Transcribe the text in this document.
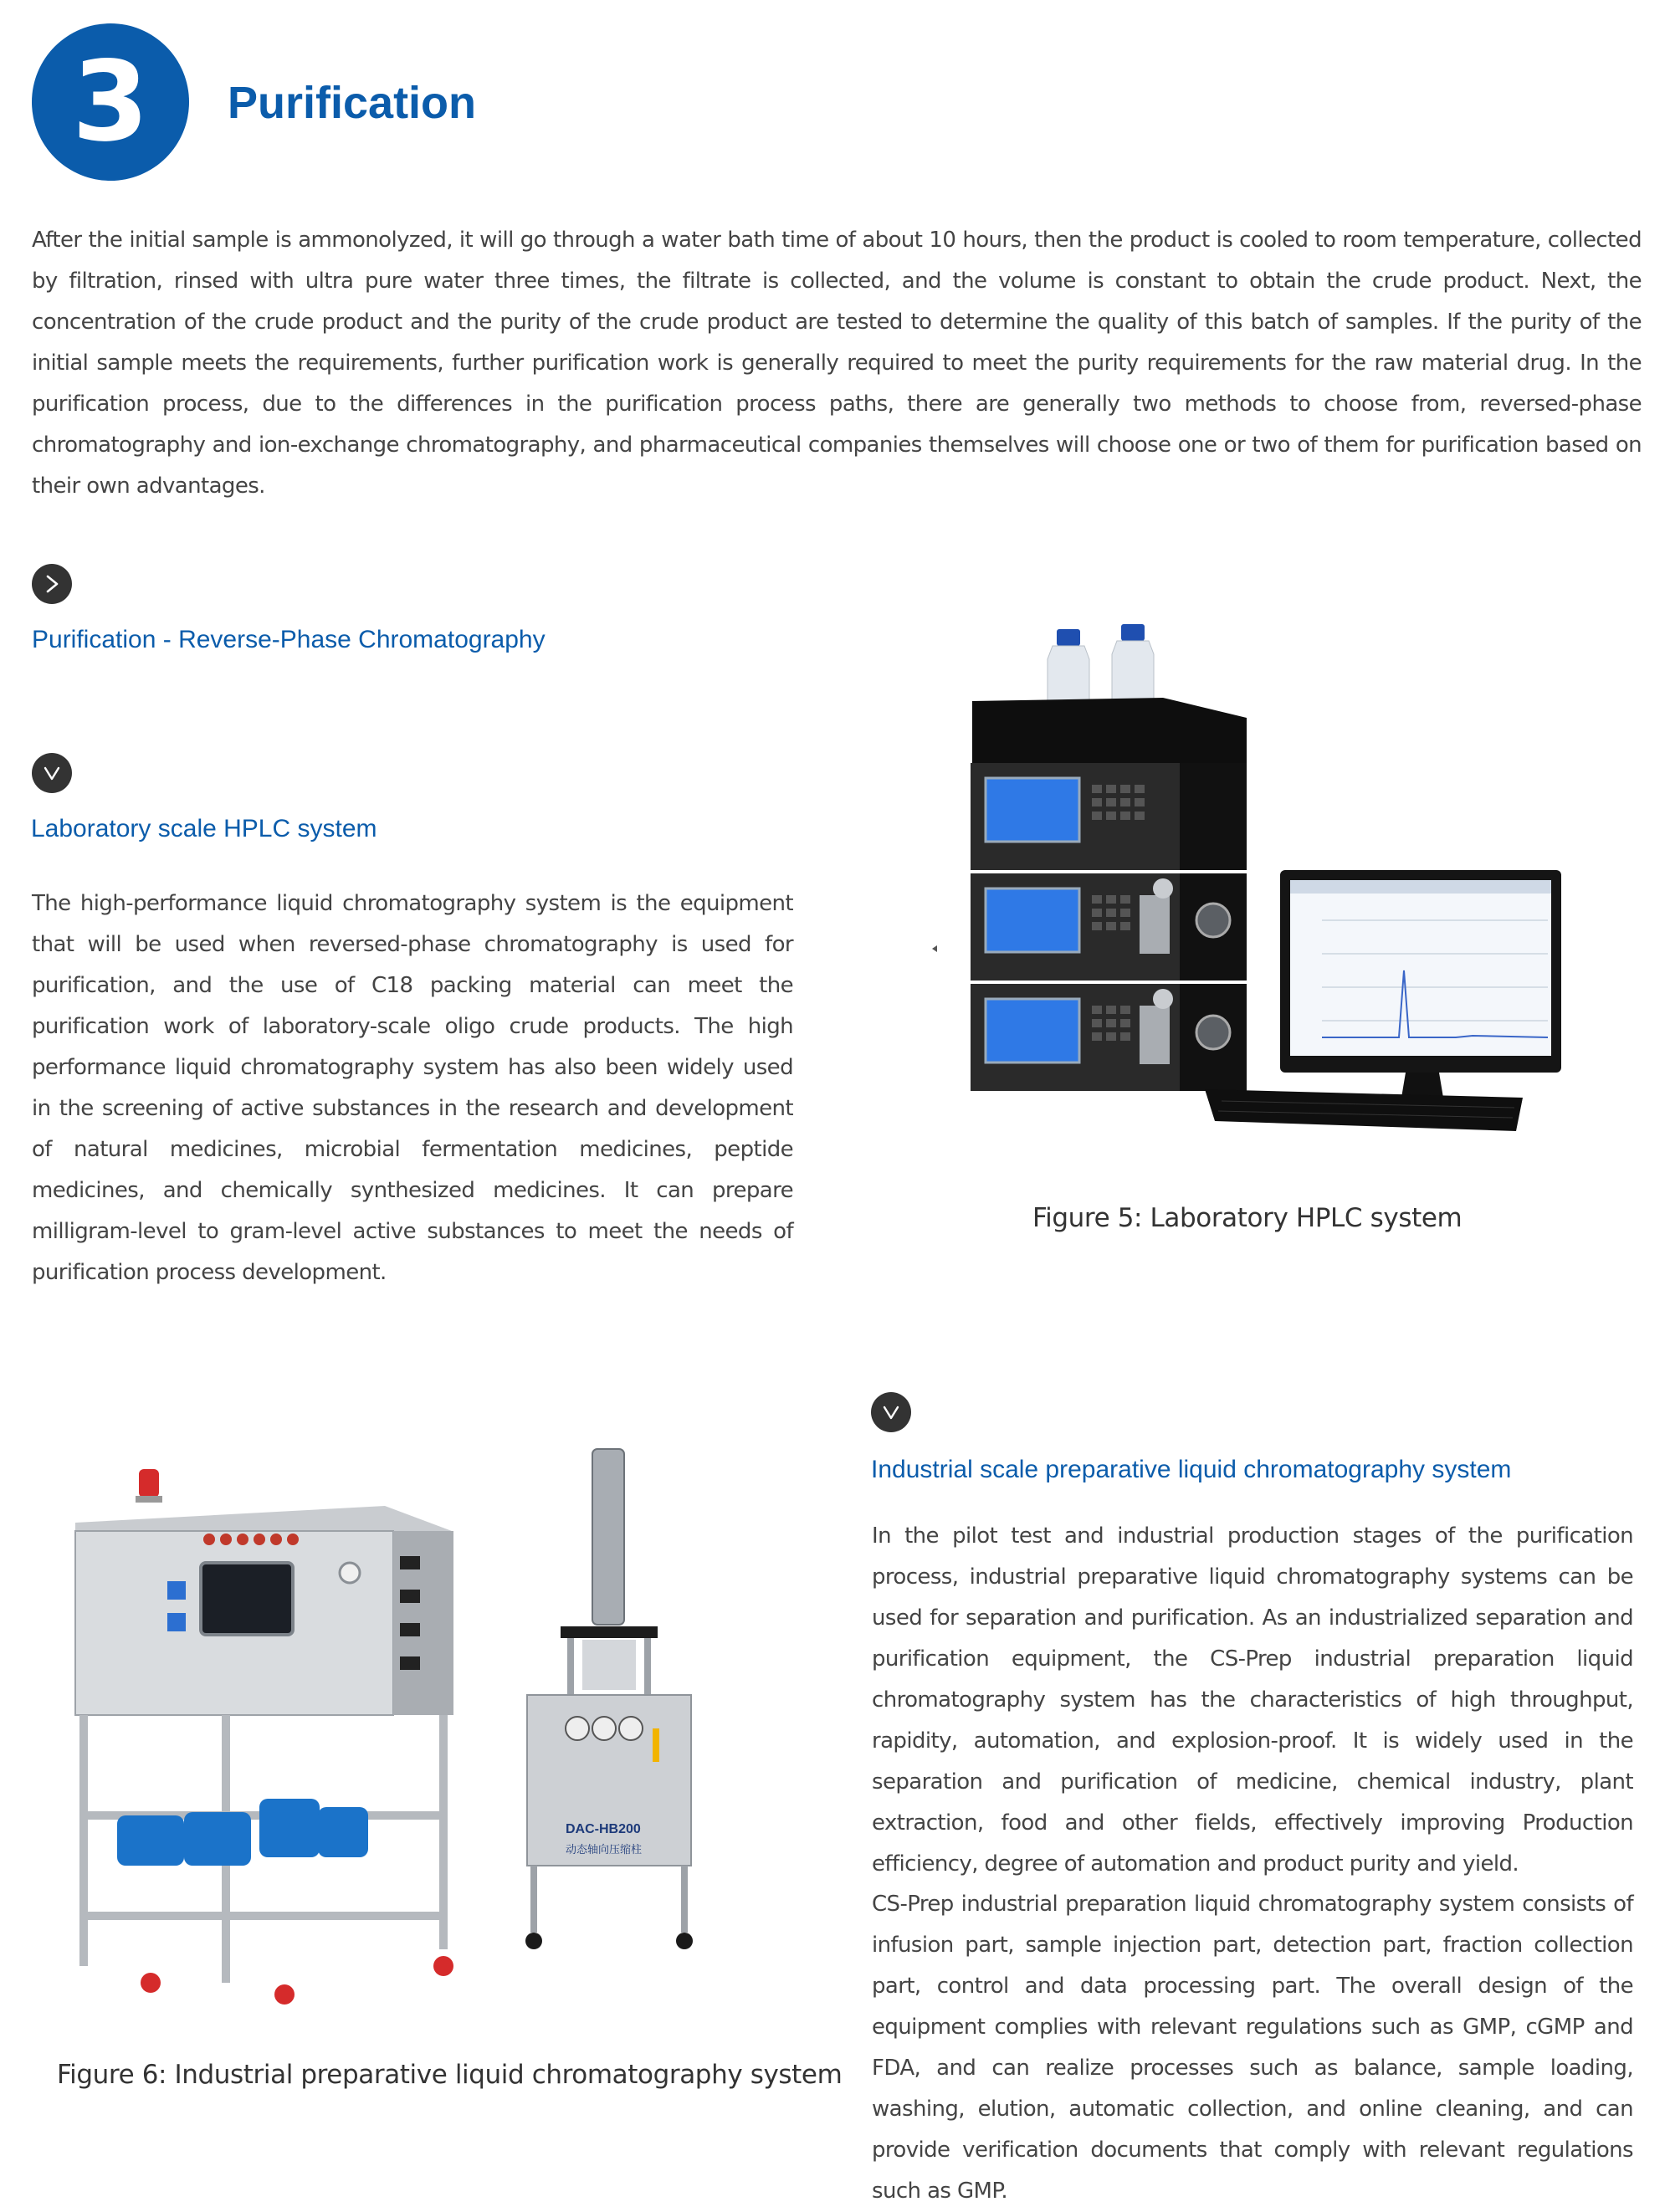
3 Purification

After the initial sample is ammonolyzed, it will go through a water bath time of about 10 hours, then the product is cooled to room temperature, collected by filtration, rinsed with ultra pure water three times, the filtrate is collected, and the volume is constant to obtain the crude product. Next, the concentration of the crude product and the purity of the crude product are tested to determine the quality of this batch of samples. If the purity of the initial sample meets the requirements, further purification work is generally required to meet the purity requirements for the raw material drug. In the purification process, due to the differences in the purification process paths, there are generally two methods to choose from, reversed-phase chromatography and ion-exchange chromatography, and pharmaceutical companies themselves will choose one or two of them for purification based on their own advantages.

Purification - Reverse-Phase Chromatography
Laboratory scale HPLC system

The high-performance liquid chromatography system is the equipment that will be used when reversed-phase chromatography is used for purification, and the use of C18 packing material can meet the purification work of laboratory-scale oligo crude products. The high performance liquid chromatography system has also been widely used in the screening of active substances in the research and development of natural medicines, microbial fermentation medicines, peptide medicines, and chemically synthesized medicines. It can prepare milligram-level to gram-level active substances to meet the needs of purification process development.

Figure 5: Laboratory HPLC system
DAC-HB200
动态轴向压缩柱
Figure 6: Industrial preparative liquid chromatography system
Industrial scale preparative liquid chromatography system

In the pilot test and industrial production stages of the purification process, industrial preparative liquid chromatography systems can be used for separation and purification. As an industrialized separation and purification equipment, the CS-Prep industrial preparation liquid chromatography system has the characteristics of high throughput, rapidity, automation, and explosion-proof. It is widely used in the separation and purification of medicine, chemical industry, plant extraction, food and other fields, effectively improving Production efficiency, degree of automation and product purity and yield.

CS-Prep industrial preparation liquid chromatography system consists of infusion part, sample injection part, detection part, fraction collection part, control and data processing part. The overall design of the equipment complies with relevant regulations such as GMP, cGMP and FDA, and can realize processes such as balance, sample loading, washing, elution, automatic collection, and online cleaning, and can provide verification documents that comply with relevant regulations such as GMP.
